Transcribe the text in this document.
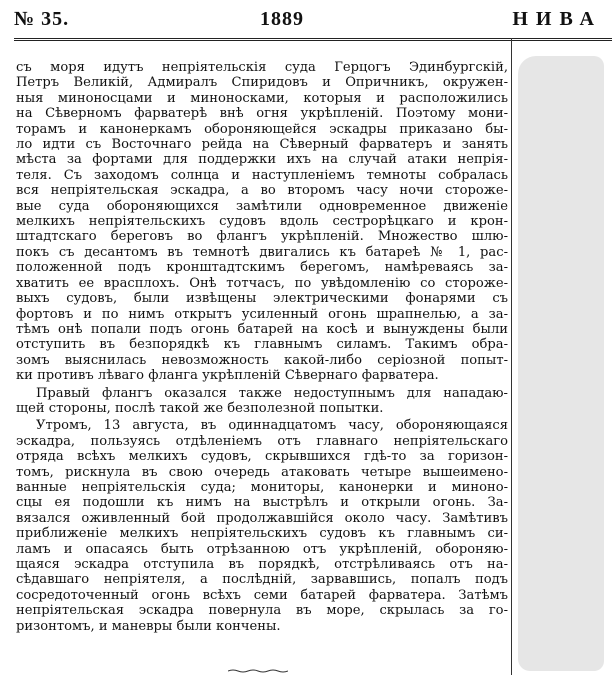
№ 35.	1889	НИВА

съ моря идутъ непріятельскія суда Герцогъ Эдинбургскій,
Петръ Великій, Адмиралъ Спиридовъ и Опричникъ, окружен-
ныя миноносцами и миноносками, которыя и расположились
на Сѣверномъ фарватерѣ внѣ огня укрѣпленій. Поэтому мони-
торамъ и канонеркамъ обороняющейся эскадры приказано бы-
ло идти съ Восточнаго рейда на Сѣверный фарватеръ и занять
мѣста за фортами для поддержки ихъ на случай атаки непрія-
теля. Съ заходомъ солнца и наступленіемъ темноты собралась
вся непріятельская эскадра, а во второмъ часу ночи стороже-
вые суда обороняющихся замѣтили одновременное движеніе
мелкихъ непріятельскихъ судовъ вдоль сестрорѣцкаго и крон-
штадтскаго береговъ во флангъ укрѣпленій. Множество шлю-
покъ съ десантомъ въ темнотѣ двигались къ батареѣ № 1, рас-
положенной подъ кронштадтскимъ берегомъ, намѣреваясь за-
хватить ее врасплохъ. Онѣ тотчасъ, по увѣдомленію со стороже-
выхъ судовъ, были извѣщены электрическими фонарями съ
фортовъ и по нимъ открытъ усиленный огонь шрапнелью, а за-
тѣмъ онѣ попали подъ огонь батарей на косѣ и вынуждены были
отступить въ безпорядкѣ къ главнымъ силамъ. Такимъ обра-
зомъ выяснилась невозможность какой-либо серіозной попыт-
ки противъ лѣваго фланга укрѣпленій Сѣвернаго фарватера.

Правый флангъ оказался также недоступнымъ для нападаю-
щей стороны, послѣ такой же безполезной попытки.

Утромъ, 13 августа, въ одиннадцатомъ часу, обороняющаяся
эскадра, пользуясь отдѣленіемъ отъ главнаго непріятельскаго
отряда всѣхъ мелкихъ судовъ, скрывшихся гдѣ-то за горизон-
томъ, рискнула въ свою очередь атаковать четыре вышеимено-
ванные непріятельскія суда; мониторы, канонерки и миноно-
сцы ея подошли къ нимъ на выстрѣлъ и открыли огонь. За-
вязался оживленный бой продолжавшійся около часу. Замѣтивъ
приближеніе мелкихъ непріятельскихъ судовъ къ главнымъ си-
ламъ и опасаясь быть отрѣзанною отъ укрѣпленій, обороняю-
щаяся эскадра отступила въ порядкѣ, отстрѣливаясь отъ на-
сѣдавшаго непріятеля, а послѣдній, зарвавшись, попалъ подъ
сосредоточенный огонь всѣхъ семи батарей фарватера. Затѣмъ
непріятельская эскадра повернула въ море, скрылась за го-
ризонтомъ, и маневры были кончены.
